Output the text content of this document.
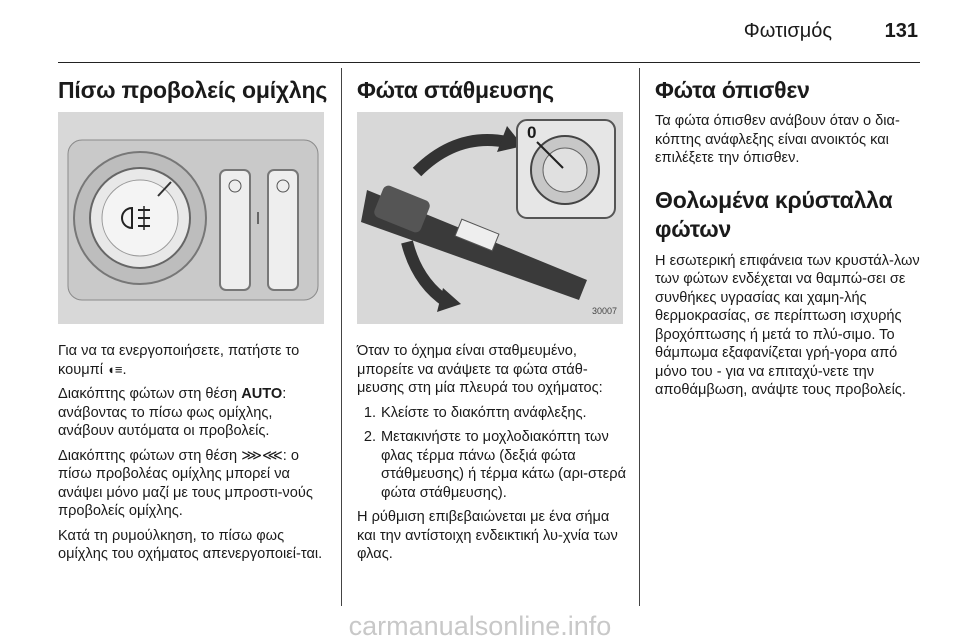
Φωτισμός	131
Πίσω προβολείς ομίχλης

Για να τα ενεργοποιήσετε, πατήστε το κουμπί ◖≡.

Διακόπτης φώτων στη θέση AUTO: ανάβοντας το πίσω φως ομίχλης, ανάβουν αυτόματα οι προβολείς.

Διακόπτης φώτων στη θέση ⋙⋘: ο πίσω προβολέας ομίχλης μπορεί να ανάψει μόνο μαζί με τους μπροστι-νούς προβολείς ομίχλης.

Κατά τη ρυμούλκηση, το πίσω φως ομίχλης του οχήματος απενεργοποιεί-ται.

Φώτα στάθμευσης
0
30007

Όταν το όχημα είναι σταθμευμένο, μπορείτε να ανάψετε τα φώτα στάθ-μευσης στη μία πλευρά του οχήματος:

1. Κλείστε το διακόπτη ανάφλεξης.
2. Μετακινήστε το μοχλοδιακόπτη των φλας τέρμα πάνω (δεξιά φώτα στάθμευσης) ή τέρμα κάτω (αρι-στερά φώτα στάθμευσης).

Η ρύθμιση επιβεβαιώνεται με ένα σήμα και την αντίστοιχη ενδεικτική λυ-χνία των φλας.

Φώτα όπισθεν

Τα φώτα όπισθεν ανάβουν όταν ο δια-κόπτης ανάφλεξης είναι ανοικτός και επιλέξετε την όπισθεν.

Θολωμένα κρύσταλλα φώτων

Η εσωτερική επιφάνεια των κρυστάλ-λων των φώτων ενδέχεται να θαμπώ-σει σε συνθήκες υγρασίας και χαμη-λής θερμοκρασίας, σε περίπτωση ισχυρής βροχόπτωσης ή μετά το πλύ-σιμο. Το θάμπωμα εξαφανίζεται γρή-γορα από μόνο του - για να επιταχύ-νετε την αποθάμβωση, ανάψτε τους προβολείς.

carmanualsonline.info
